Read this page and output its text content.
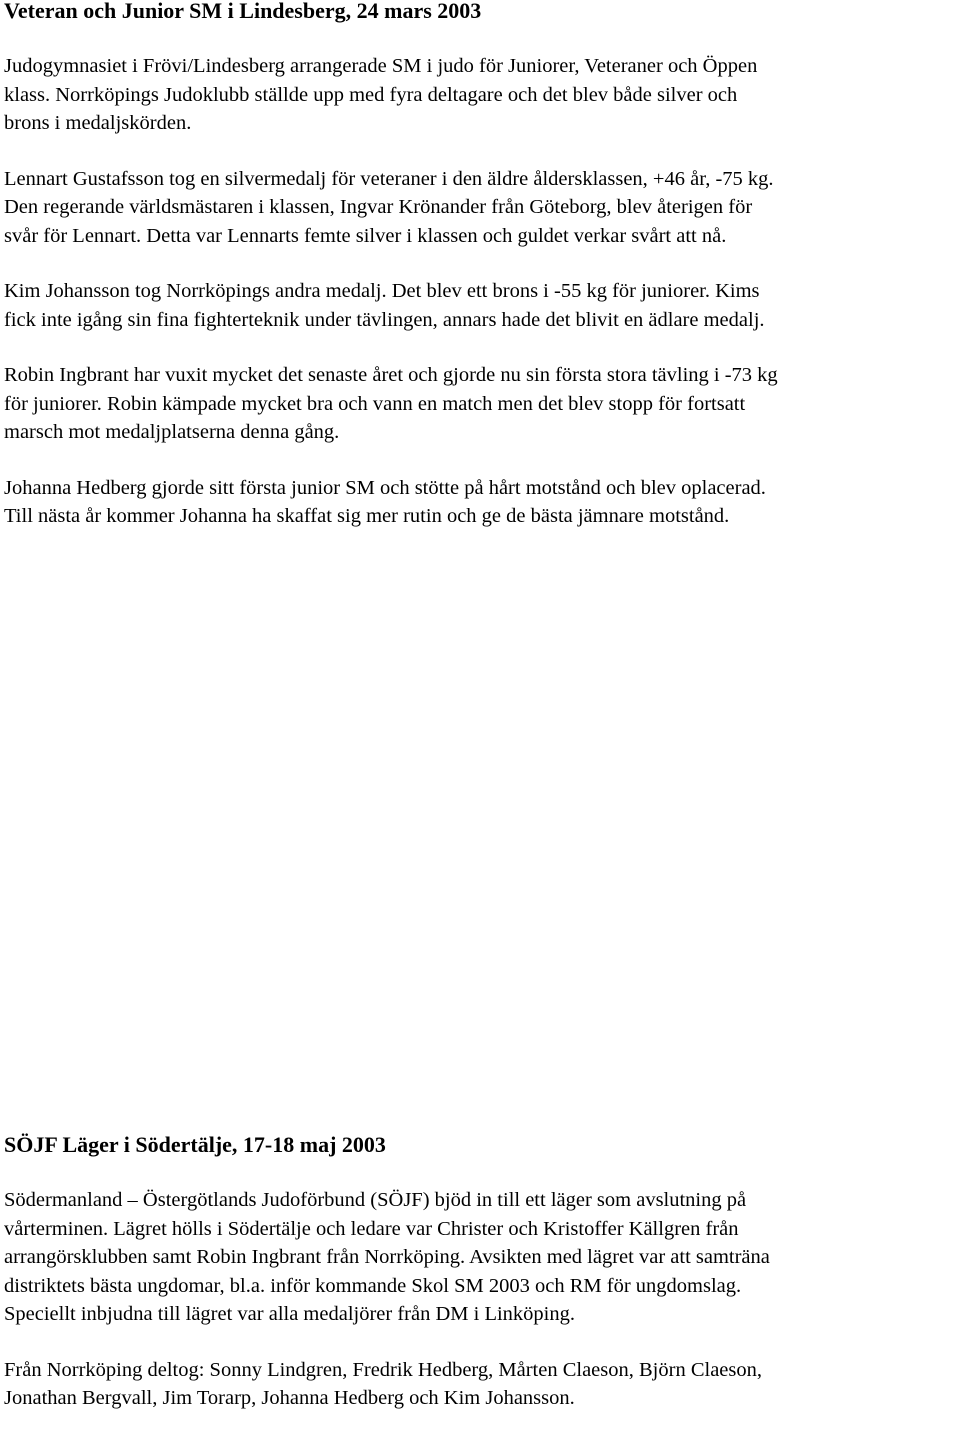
Veteran och Junior SM i Lindesberg, 24 mars 2003

Judogymnasiet i Frövi/Lindesberg arrangerade SM i judo för Juniorer, Veteraner och Öppen
klass. Norrköpings Judoklubb ställde upp med fyra deltagare och det blev både silver och
brons i medaljskörden.

Lennart Gustafsson tog en silvermedalj för veteraner i den äldre åldersklassen, +46 år, -75 kg.
Den regerande världsmästaren i klassen, Ingvar Krönander från Göteborg, blev återigen för
svår för Lennart. Detta var Lennarts femte silver i klassen och guldet verkar svårt att nå.

Kim Johansson tog Norrköpings andra medalj. Det blev ett brons i -55 kg för juniorer. Kims
fick inte igång sin fina fighterteknik under tävlingen, annars hade det blivit en ädlare medalj.

Robin Ingbrant har vuxit mycket det senaste året och gjorde nu sin första stora tävling i -73 kg
för juniorer. Robin kämpade mycket bra och vann en match men det blev stopp för fortsatt
marsch mot medaljplatserna denna gång.

Johanna Hedberg gjorde sitt första junior SM och stötte på hårt motstånd och blev oplacerad.
Till nästa år kommer Johanna ha skaffat sig mer rutin och ge de bästa jämnare motstånd.

SÖJF Läger i Södertälje, 17-18 maj 2003

Södermanland – Östergötlands Judoförbund (SÖJF) bjöd in till ett läger som avslutning på
vårterminen. Lägret hölls i Södertälje och ledare var Christer och Kristoffer Källgren från
arrangörsklubben samt Robin Ingbrant från Norrköping. Avsikten med lägret var att samträna
distriktets bästa ungdomar, bl.a. inför kommande Skol SM 2003 och RM för ungdomslag.
Speciellt inbjudna till lägret var alla medaljörer från DM i Linköping.

Från Norrköping deltog: Sonny Lindgren, Fredrik Hedberg, Mårten Claeson, Björn Claeson,
Jonathan Bergvall, Jim Torarp, Johanna Hedberg och Kim Johansson.
